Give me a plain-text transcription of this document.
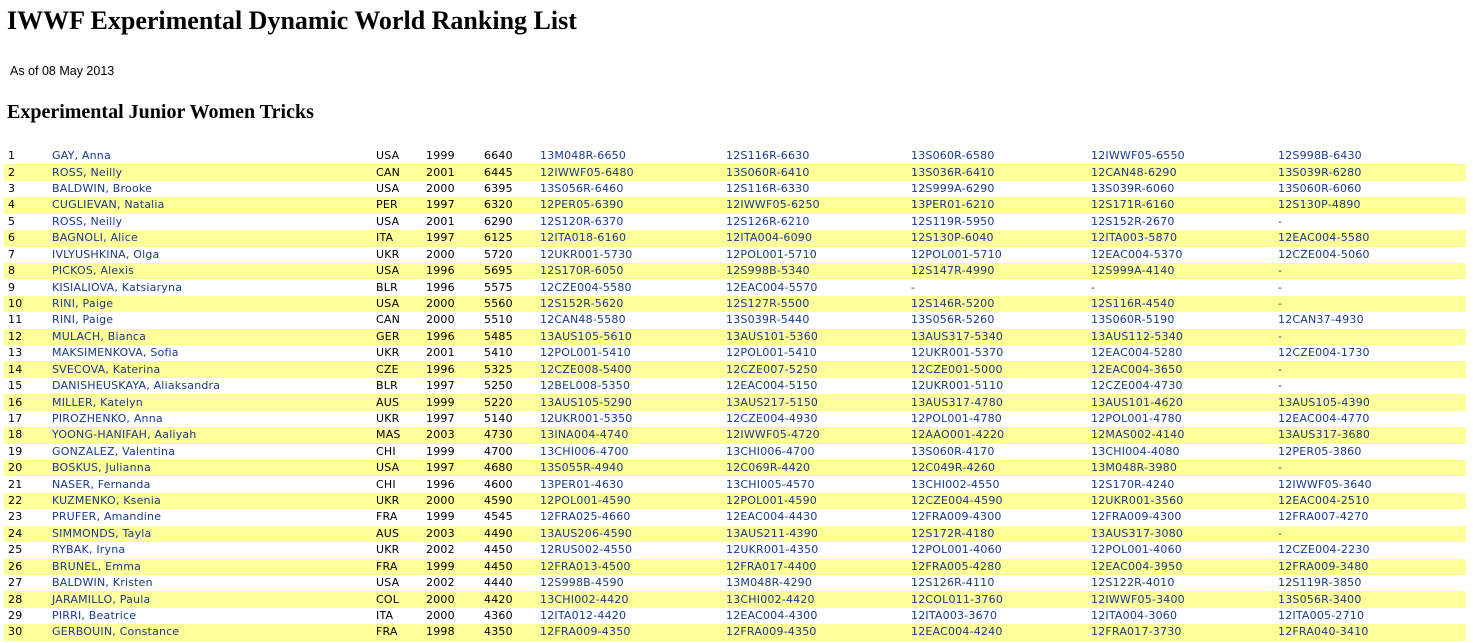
IWWF Experimental Dynamic World Ranking List
As of 08 May 2013
Experimental Junior Women Tricks
1	GAY, Anna	USA	1999	6640	13M048R-6650	12S116R-6630	13S060R-6580	12IWWF05-6550	12S998B-6430
2	ROSS, Neilly	CAN	2001	6445	12IWWF05-6480	13S060R-6410	13S036R-6410	12CAN48-6290	13S039R-6280
3	BALDWIN, Brooke	USA	2000	6395	13S056R-6460	12S116R-6330	12S999A-6290	13S039R-6060	13S060R-6060
4	CUGLIEVAN, Natalia	PER	1997	6320	12PER05-6390	12IWWF05-6250	13PER01-6210	12S171R-6160	12S130P-4890
5	ROSS, Neilly	USA	2001	6290	12S120R-6370	12S126R-6210	12S119R-5950	12S152R-2670	-
6	BAGNOLI, Alice	ITA	1997	6125	12ITA018-6160	12ITA004-6090	12S130P-6040	12ITA003-5870	12EAC004-5580
7	IVLYUSHKINA, Olga	UKR	2000	5720	12UKR001-5730	12POL001-5710	12POL001-5710	12EAC004-5370	12CZE004-5060
8	PICKOS, Alexis	USA	1996	5695	12S170R-6050	12S998B-5340	12S147R-4990	12S999A-4140	-
9	KISIALIOVA, Katsiaryna	BLR	1996	5575	12CZE004-5580	12EAC004-5570	-	-	-
10	RINI, Paige	USA	2000	5560	12S152R-5620	12S127R-5500	12S146R-5200	12S116R-4540	-
11	RINI, Paige	CAN	2000	5510	12CAN48-5580	13S039R-5440	13S056R-5260	13S060R-5190	12CAN37-4930
12	MULACH, Bianca	GER	1996	5485	13AUS105-5610	13AUS101-5360	13AUS317-5340	13AUS112-5340	-
13	MAKSIMENKOVA, Sofia	UKR	2001	5410	12POL001-5410	12POL001-5410	12UKR001-5370	12EAC004-5280	12CZE004-1730
14	SVECOVA, Katerina	CZE	1996	5325	12CZE008-5400	12CZE007-5250	12CZE001-5000	12EAC004-3650	-
15	DANISHEUSKAYA, Aliaksandra	BLR	1997	5250	12BEL008-5350	12EAC004-5150	12UKR001-5110	12CZE004-4730	-
16	MILLER, Katelyn	AUS	1999	5220	13AUS105-5290	13AUS217-5150	13AUS317-4780	13AUS101-4620	13AUS105-4390
17	PIROZHENKO, Anna	UKR	1997	5140	12UKR001-5350	12CZE004-4930	12POL001-4780	12POL001-4780	12EAC004-4770
18	YOONG-HANIFAH, Aaliyah	MAS	2003	4730	13INA004-4740	12IWWF05-4720	12AAO001-4220	12MAS002-4140	13AUS317-3680
19	GONZALEZ, Valentina	CHI	1999	4700	13CHI006-4700	13CHI006-4700	13S060R-4170	13CHI004-4080	12PER05-3860
20	BOSKUS, Julianna	USA	1997	4680	13S055R-4940	12C069R-4420	12C049R-4260	13M048R-3980	-
21	NASER, Fernanda	CHI	1996	4600	13PER01-4630	13CHI005-4570	13CHI002-4550	12S170R-4240	12IWWF05-3640
22	KUZMENKO, Ksenia	UKR	2000	4590	12POL001-4590	12POL001-4590	12CZE004-4590	12UKR001-3560	12EAC004-2510
23	PRUFER, Amandine	FRA	1999	4545	12FRA025-4660	12EAC004-4430	12FRA009-4300	12FRA009-4300	12FRA007-4270
24	SIMMONDS, Tayla	AUS	2003	4490	13AUS206-4590	13AUS211-4390	12S172R-4180	13AUS317-3080	-
25	RYBAK, Iryna	UKR	2002	4450	12RUS002-4550	12UKR001-4350	12POL001-4060	12POL001-4060	12CZE004-2230
26	BRUNEL, Emma	FRA	1999	4450	12FRA013-4500	12FRA017-4400	12FRA005-4280	12EAC004-3950	12FRA009-3480
27	BALDWIN, Kristen	USA	2002	4440	12S998B-4590	13M048R-4290	12S126R-4110	12S122R-4010	12S119R-3850
28	JARAMILLO, Paula	COL	2000	4420	13CHI002-4420	13CHI002-4420	12COL011-3760	12IWWF05-3400	13S056R-3400
29	PIRRI, Beatrice	ITA	2000	4360	12ITA012-4420	12EAC004-4300	12ITA003-3670	12ITA004-3060	12ITA005-2710
30	GERBOUIN, Constance	FRA	1998	4350	12FRA009-4350	12FRA009-4350	12EAC004-4240	12FRA017-3730	12FRA040-3410
